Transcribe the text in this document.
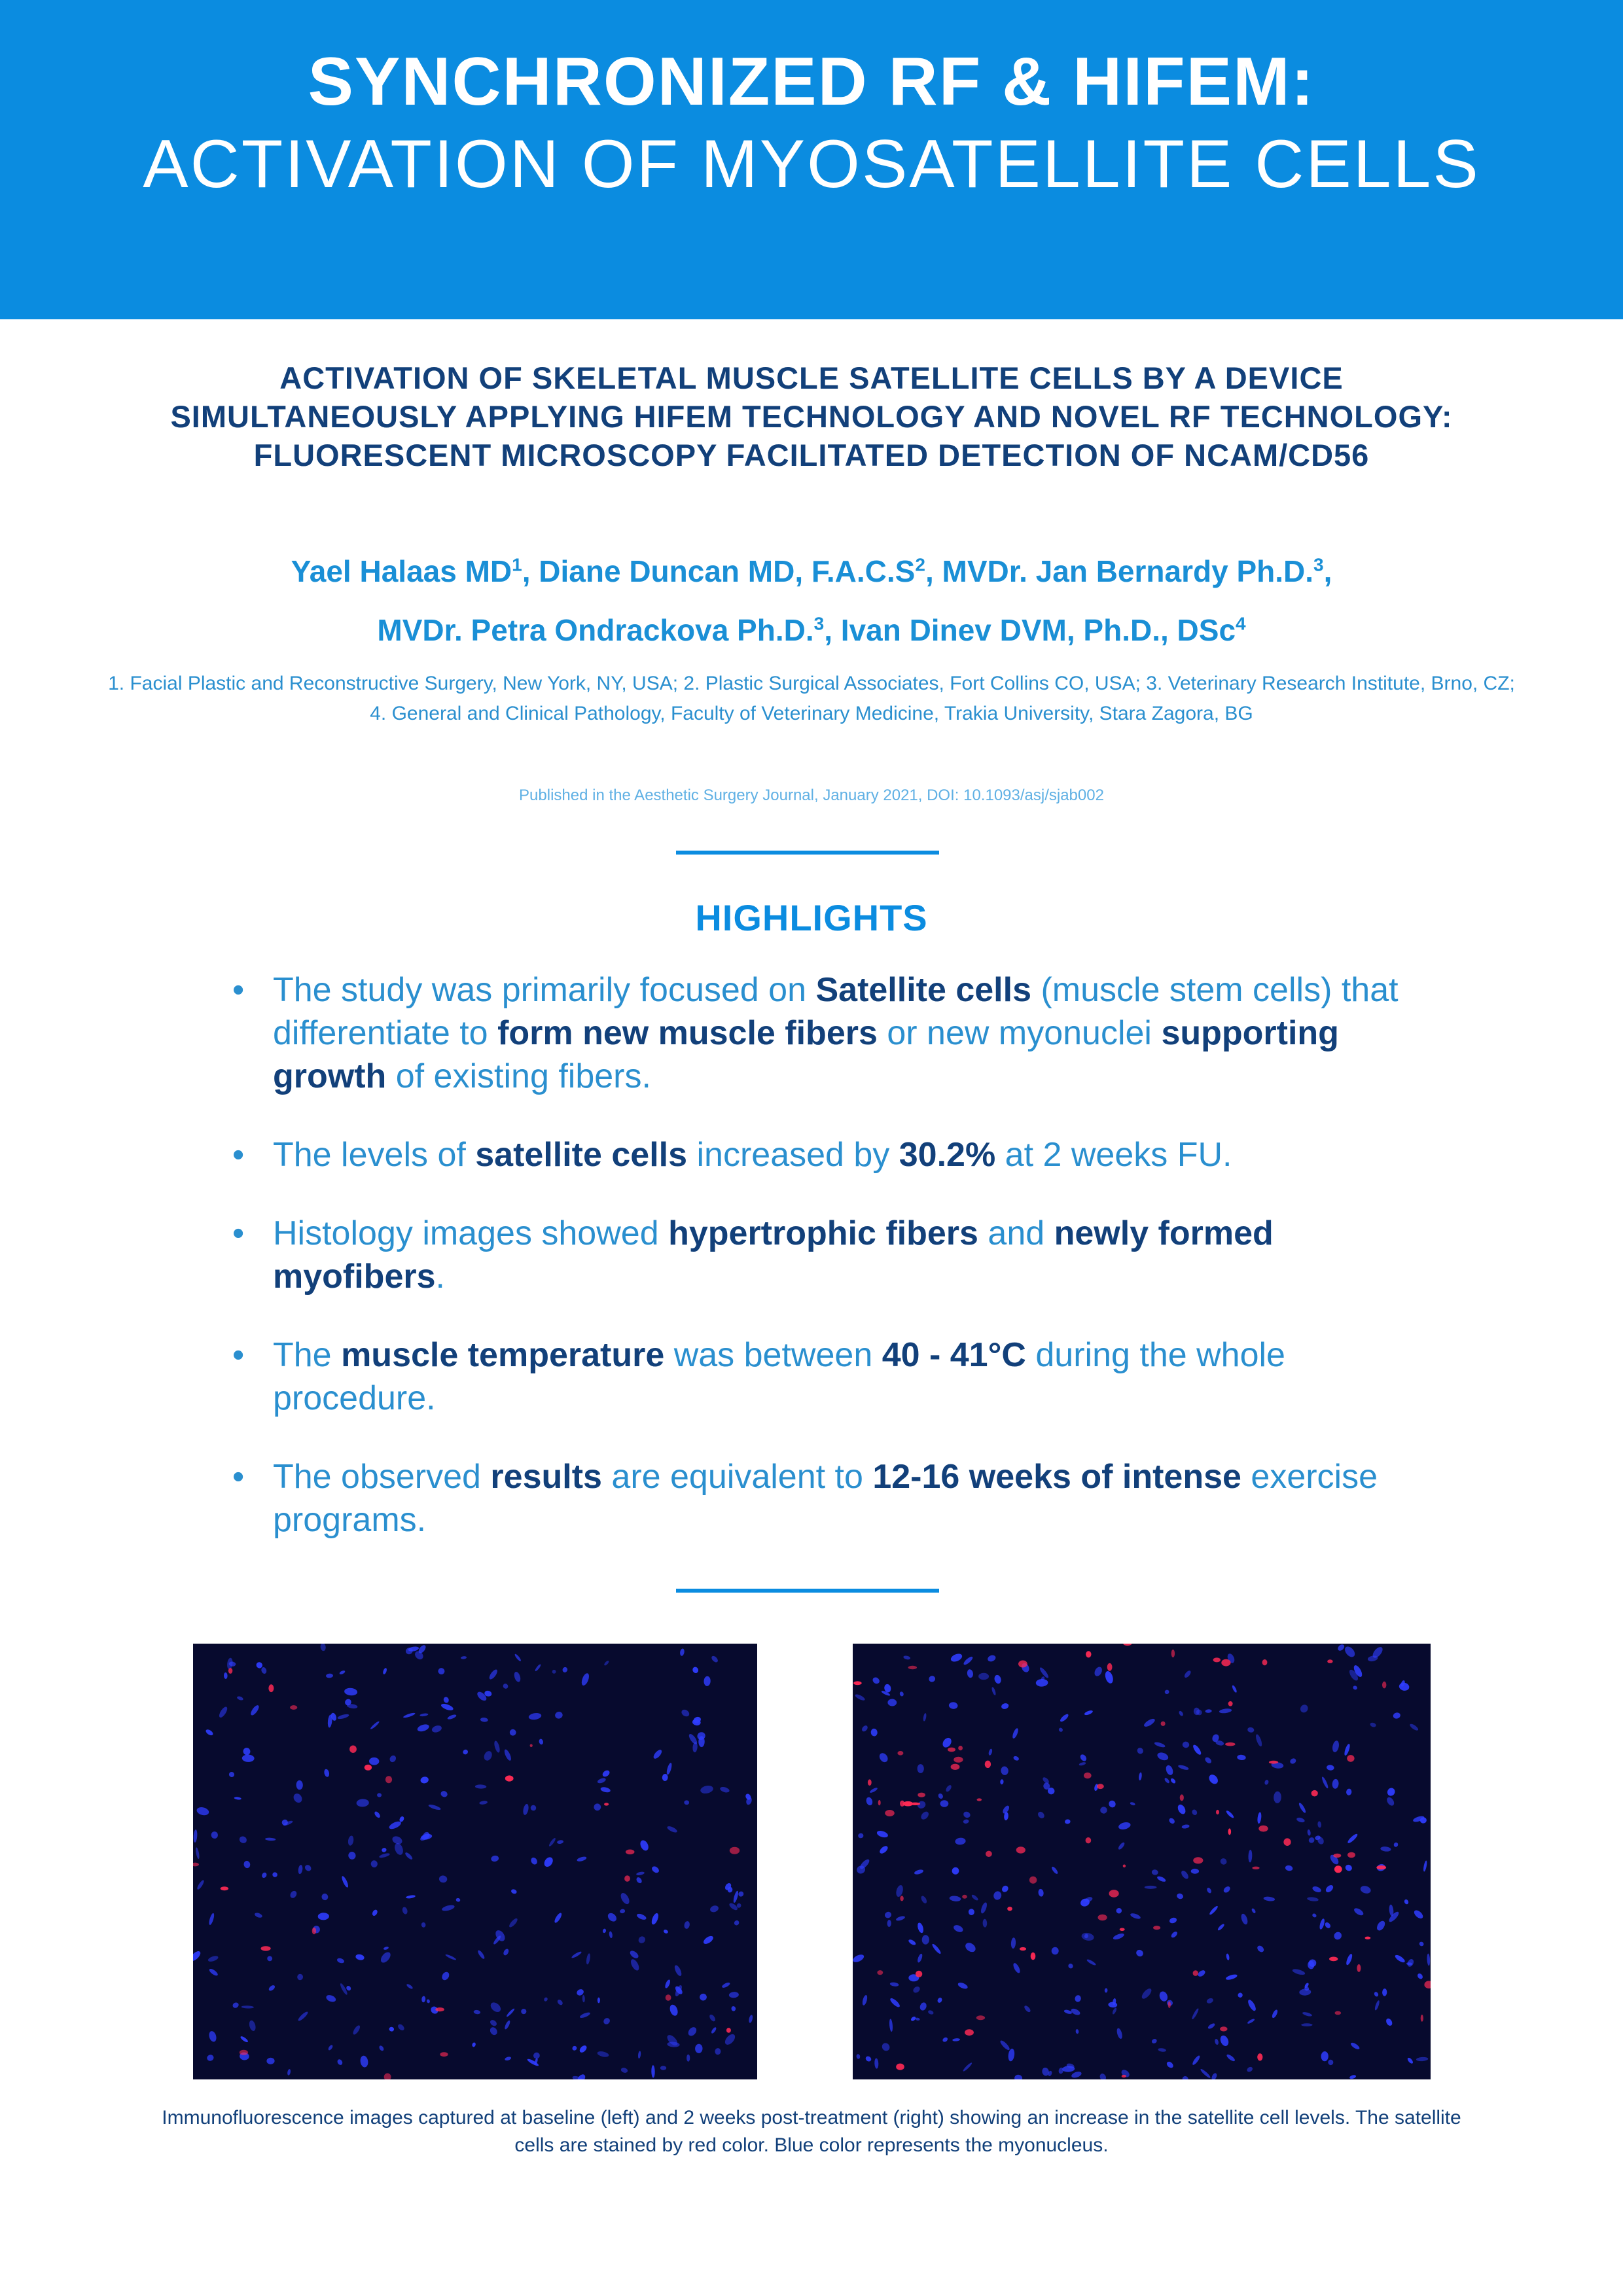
SYNCHRONIZED RF & HIFEM:
ACTIVATION OF MYOSATELLITE CELLS
ACTIVATION OF SKELETAL MUSCLE SATELLITE CELLS BY A DEVICE SIMULTANEOUSLY APPLYING HIFEM TECHNOLOGY AND NOVEL RF TECHNOLOGY: FLUORESCENT MICROSCOPY FACILITATED DETECTION OF NCAM/CD56
Yael Halaas $MD^1$, Diane Duncan MD, $F.A.C.S^2$, MVDr. Jan Bernardy Ph.D.$^3$,
MVDr. Petra Ondrackova Ph.D.$^3$, Ivan Dinev DVM, Ph.D., DSc$^4$
1. Facial Plastic and Reconstructive Surgery, New York, NY, USA; 2. Plastic Surgical Associates, Fort Collins CO, USA; 3. Veterinary Research Institute, Brno, CZ; 4. General and Clinical Pathology, Faculty of Veterinary Medicine, Trakia University, Stara Zagora, BG
Published in the Aesthetic Surgery Journal, January 2021, DOI: 10.1093/asj/sjab002
HIGHLIGHTS
• The study was primarily focused on Satellite cells (muscle stem cells) that differentiate to form new muscle fibers or new myonuclei supporting growth of existing fibers.
• The levels of satellite cells increased by 30.2% at 2 weeks FU.
• Histology images showed hypertrophic fibers and newly formed myofibers.
• The muscle temperature was between 40 - 41°C during the whole procedure.
• The observed results are equivalent to 12-16 weeks of intense exercise programs.
Immunofluorescence images captured at baseline (left) and 2 weeks post-treatment (right) showing an increase in the satellite cell levels. The satellite cells are stained by red color. Blue color represents the myonucleus.
